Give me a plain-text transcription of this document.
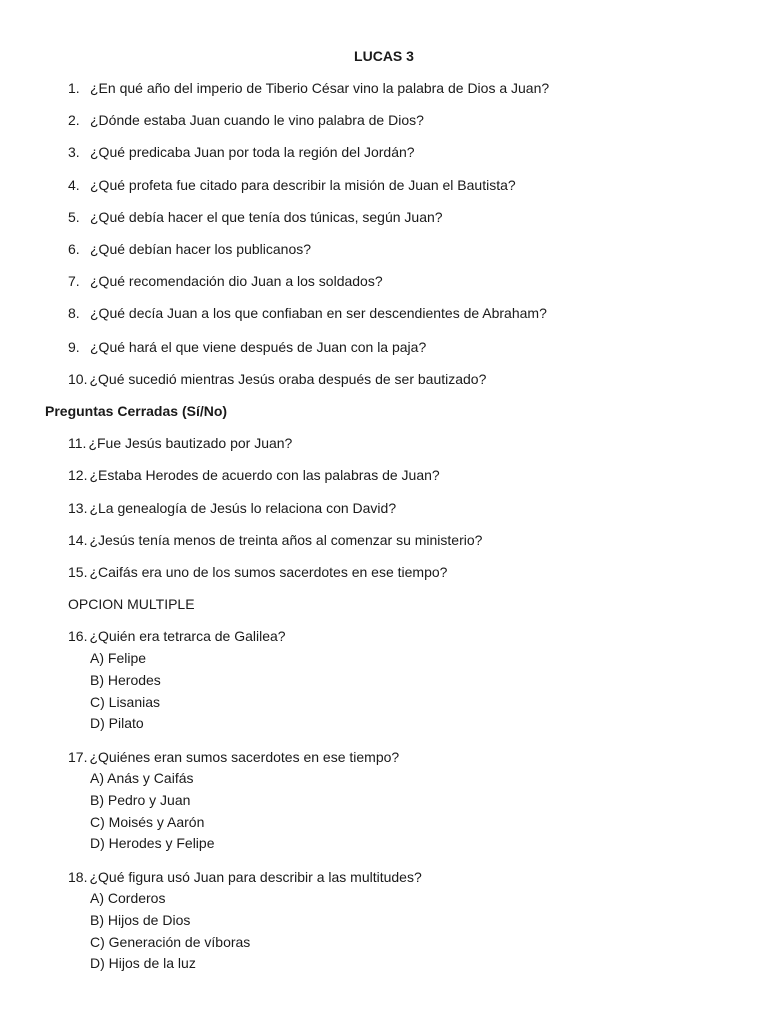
LUCAS 3
1. ¿En qué año del imperio de Tiberio César vino la palabra de Dios a Juan?
2. ¿Dónde estaba Juan cuando le vino palabra de Dios?
3. ¿Qué predicaba Juan por toda la región del Jordán?
4. ¿Qué profeta fue citado para describir la misión de Juan el Bautista?
5. ¿Qué debía hacer el que tenía dos túnicas, según Juan?
6. ¿Qué debían hacer los publicanos?
7. ¿Qué recomendación dio Juan a los soldados?
8. ¿Qué decía Juan a los que confiaban en ser descendientes de Abraham?
9. ¿Qué hará el que viene después de Juan con la paja?
10. ¿Qué sucedió mientras Jesús oraba después de ser bautizado?
Preguntas Cerradas (Sí/No)
11. ¿Fue Jesús bautizado por Juan?
12. ¿Estaba Herodes de acuerdo con las palabras de Juan?
13. ¿La genealogía de Jesús lo relaciona con David?
14. ¿Jesús tenía menos de treinta años al comenzar su ministerio?
15. ¿Caifás era uno de los sumos sacerdotes en ese tiempo?
OPCION MULTIPLE
16. ¿Quién era tetrarca de Galilea?
A) Felipe
B) Herodes
C) Lisanias
D) Pilato
17. ¿Quiénes eran sumos sacerdotes en ese tiempo?
A) Anás y Caifás
B) Pedro y Juan
C) Moisés y Aarón
D) Herodes y Felipe
18. ¿Qué figura usó Juan para describir a las multitudes?
A) Corderos
B) Hijos de Dios
C) Generación de víboras
D) Hijos de la luz
